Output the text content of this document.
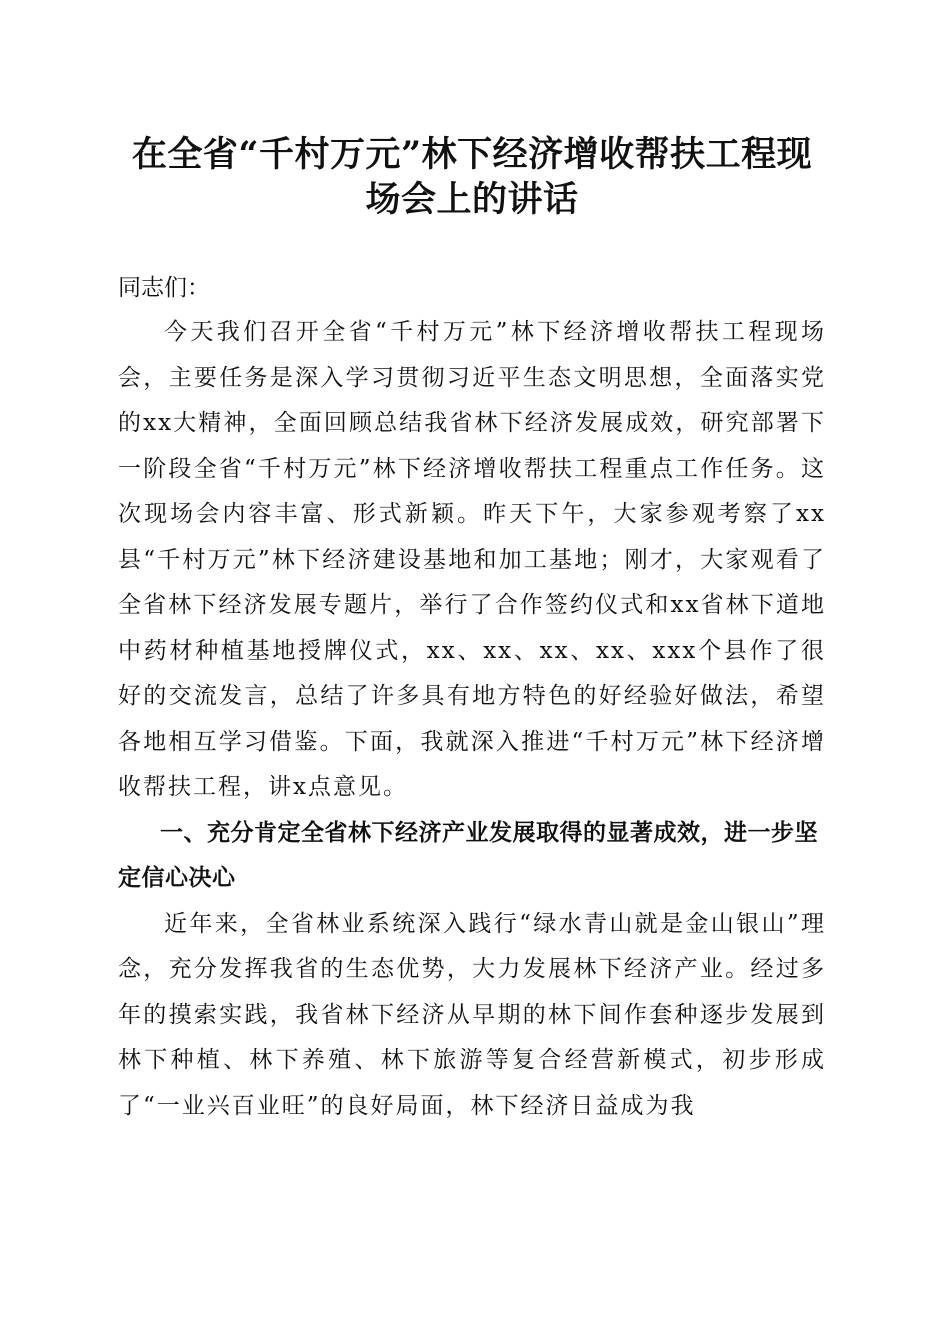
在全省“千村万元”林下经济增收帮扶工程现场会上的讲话

同志们：

今天我们召开全省“千村万元”林下经济增收帮扶工程现场会，主要任务是深入学习贯彻习近平生态文明思想，全面落实党的xx大精神，全面回顾总结我省林下经济发展成效，研究部署下一阶段全省“千村万元”林下经济增收帮扶工程重点工作任务。这次现场会内容丰富、形式新颖。昨天下午，大家参观考察了xx县“千村万元”林下经济建设基地和加工基地；刚才，大家观看了全省林下经济发展专题片，举行了合作签约仪式和xx省林下道地中药材种植基地授牌仪式，xx、xx、xx、xx、xxx个县作了很好的交流发言，总结了许多具有地方特色的好经验好做法，希望各地相互学习借鉴。下面，我就深入推进“千村万元”林下经济增收帮扶工程，讲x点意见。

一、充分肯定全省林下经济产业发展取得的显著成效，进一步坚定信心决心

近年来，全省林业系统深入践行“绿水青山就是金山银山”理念，充分发挥我省的生态优势，大力发展林下经济产业。经过多年的摸索实践，我省林下经济从早期的林下间作套种逐步发展到林下种植、林下养殖、林下旅游等复合经营新模式，初步形成了“一业兴百业旺”的良好局面，林下经济日益成为我
